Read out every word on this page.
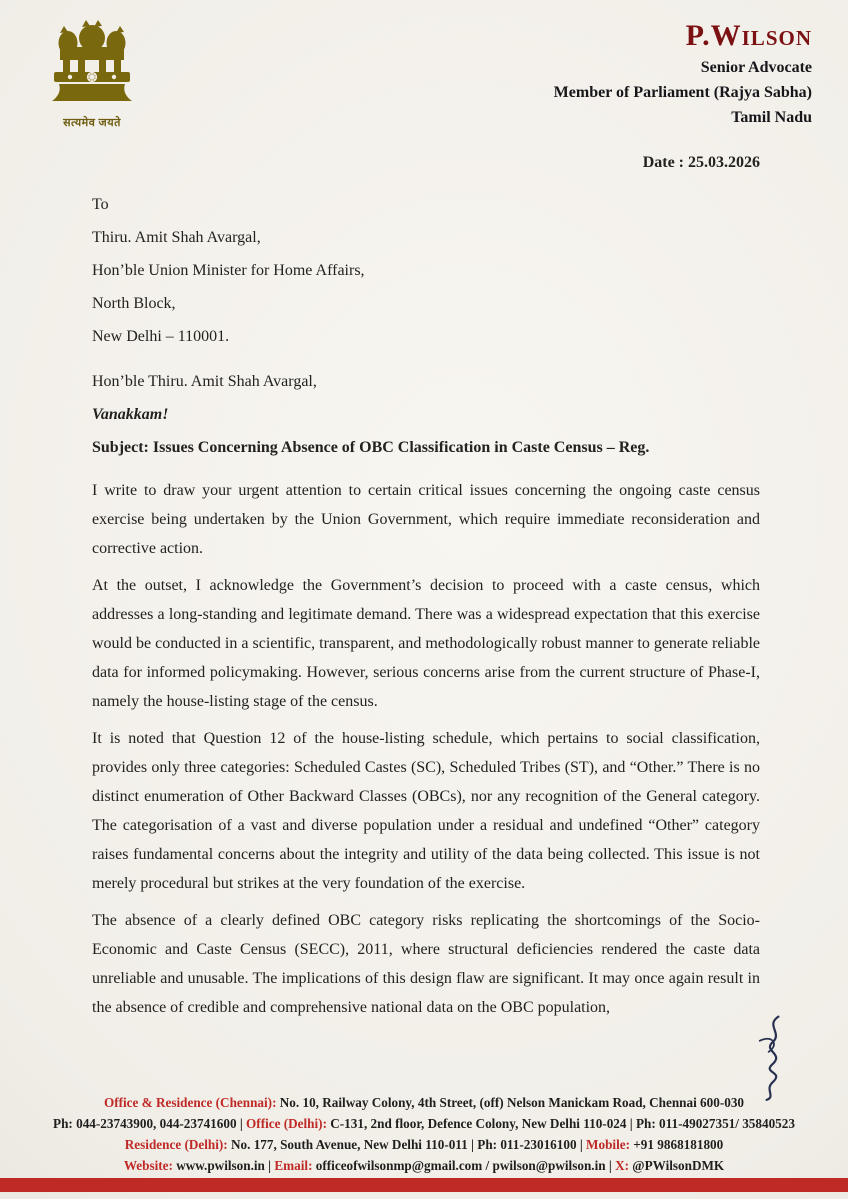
सत्यमेव जयते
P.Wilson
Senior Advocate
Member of Parliament (Rajya Sabha)
Tamil Nadu
Date : 25.03.2026
To
Thiru. Amit Shah Avargal,
Hon’ble Union Minister for Home Affairs,
North Block,
New Delhi – 110001.
Hon’ble Thiru. Amit Shah Avargal,
Vanakkam!
Subject: Issues Concerning Absence of OBC Classification in Caste Census – Reg.

I write to draw your urgent attention to certain critical issues concerning the ongoing caste census exercise being undertaken by the Union Government, which require immediate reconsideration and corrective action.

At the outset, I acknowledge the Government’s decision to proceed with a caste census, which addresses a long-standing and legitimate demand. There was a widespread expectation that this exercise would be conducted in a scientific, transparent, and methodologically robust manner to generate reliable data for informed policymaking. However, serious concerns arise from the current structure of Phase-I, namely the house-listing stage of the census.

It is noted that Question 12 of the house-listing schedule, which pertains to social classification, provides only three categories: Scheduled Castes (SC), Scheduled Tribes (ST), and “Other.” There is no distinct enumeration of Other Backward Classes (OBCs), nor any recognition of the General category. The categorisation of a vast and diverse population under a residual and undefined “Other” category raises fundamental concerns about the integrity and utility of the data being collected. This issue is not merely procedural but strikes at the very foundation of the exercise.

The absence of a clearly defined OBC category risks replicating the shortcomings of the Socio-Economic and Caste Census (SECC), 2011, where structural deficiencies rendered the caste data unreliable and unusable. The implications of this design flaw are significant. It may once again result in the absence of credible and comprehensive national data on the OBC population,

Office & Residence (Chennai): No. 10, Railway Colony, 4th Street, (off) Nelson Manickam Road, Chennai 600-030
Ph: 044-23743900, 044-23741600 | Office (Delhi): C-131, 2nd floor, Defence Colony, New Delhi 110-024 | Ph: 011-49027351/ 35840523
Residence (Delhi): No. 177, South Avenue, New Delhi 110-011 | Ph: 011-23016100 | Mobile: +91 9868181800
Website: www.pwilson.in | Email: officeofwilsonmp@gmail.com / pwilson@pwilson.in | X: @PWilsonDMK
